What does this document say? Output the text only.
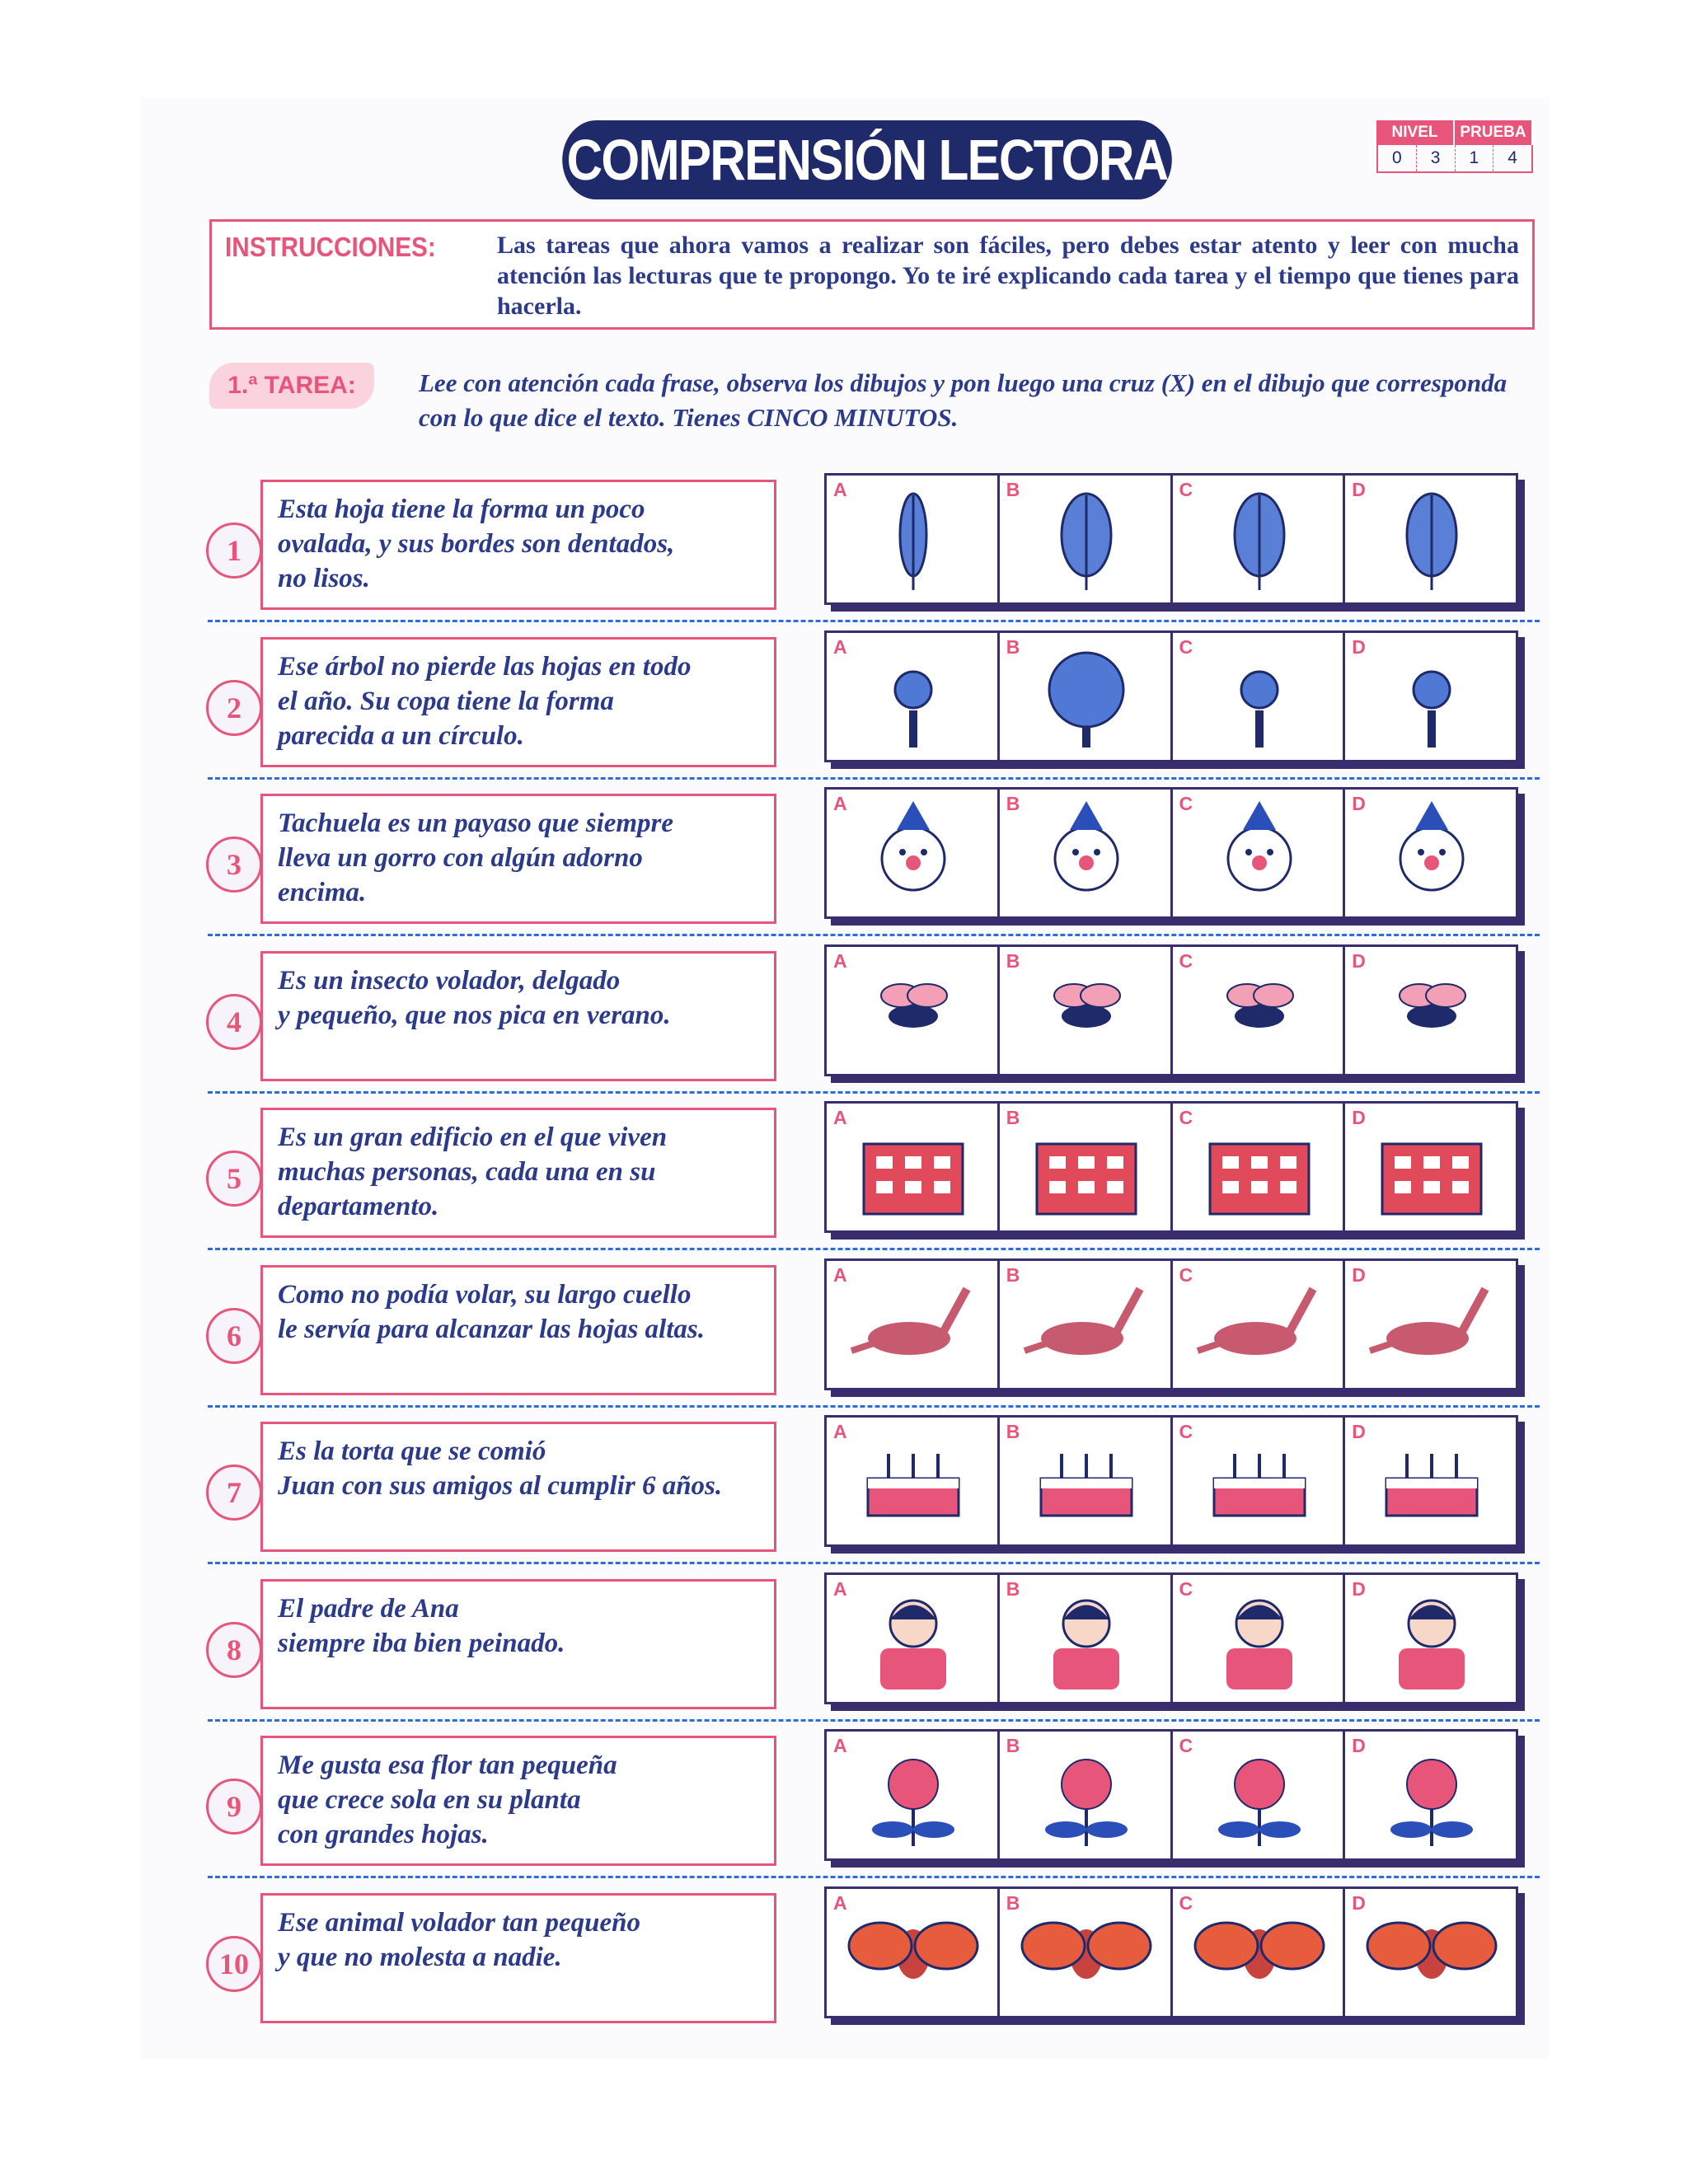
COMPRENSIÓN LECTORA	NIVEL	PRUEBA
0	3	1	4
INSTRUCCIONES: Las tareas que ahora vamos a realizar son fáciles, pero debes estar atento y leer con mucha atención las lecturas que te propongo. Yo te iré explicando cada tarea y el tiempo que tienes para hacerla.
1.ª TAREA:	Lee con atención cada frase, observa los dibujos y pon luego una cruz (X) en el dibujo que corresponda con lo que dice el texto. Tienes CINCO MINUTOS.
1
Esta hoja tiene la forma un poco
ovalada, y sus bordes son dentados,
no lisos.
A	B	C	D
2
Ese árbol no pierde las hojas en todo
el año. Su copa tiene la forma
parecida a un círculo.
A	B	C	D
3
Tachuela es un payaso que siempre
lleva un gorro con algún adorno
encima.
A	B	C	D
4
Es un insecto volador, delgado
y pequeño, que nos pica en verano.
A	B	C	D
5
Es un gran edificio en el que viven
muchas personas, cada una en su
departamento.
A	B	C	D
6
Como no podía volar, su largo cuello
le servía para alcanzar las hojas altas.
A	B	C	D
7
Es la torta que se comió
Juan con sus amigos al cumplir 6 años.
A	B	C	D
8
El padre de Ana
siempre iba bien peinado.
A	B	C	D
9
Me gusta esa flor tan pequeña
que crece sola en su planta
con grandes hojas.
A	B	C	D
10
Ese animal volador tan pequeño
y que no molesta a nadie.
A	B	C	D
